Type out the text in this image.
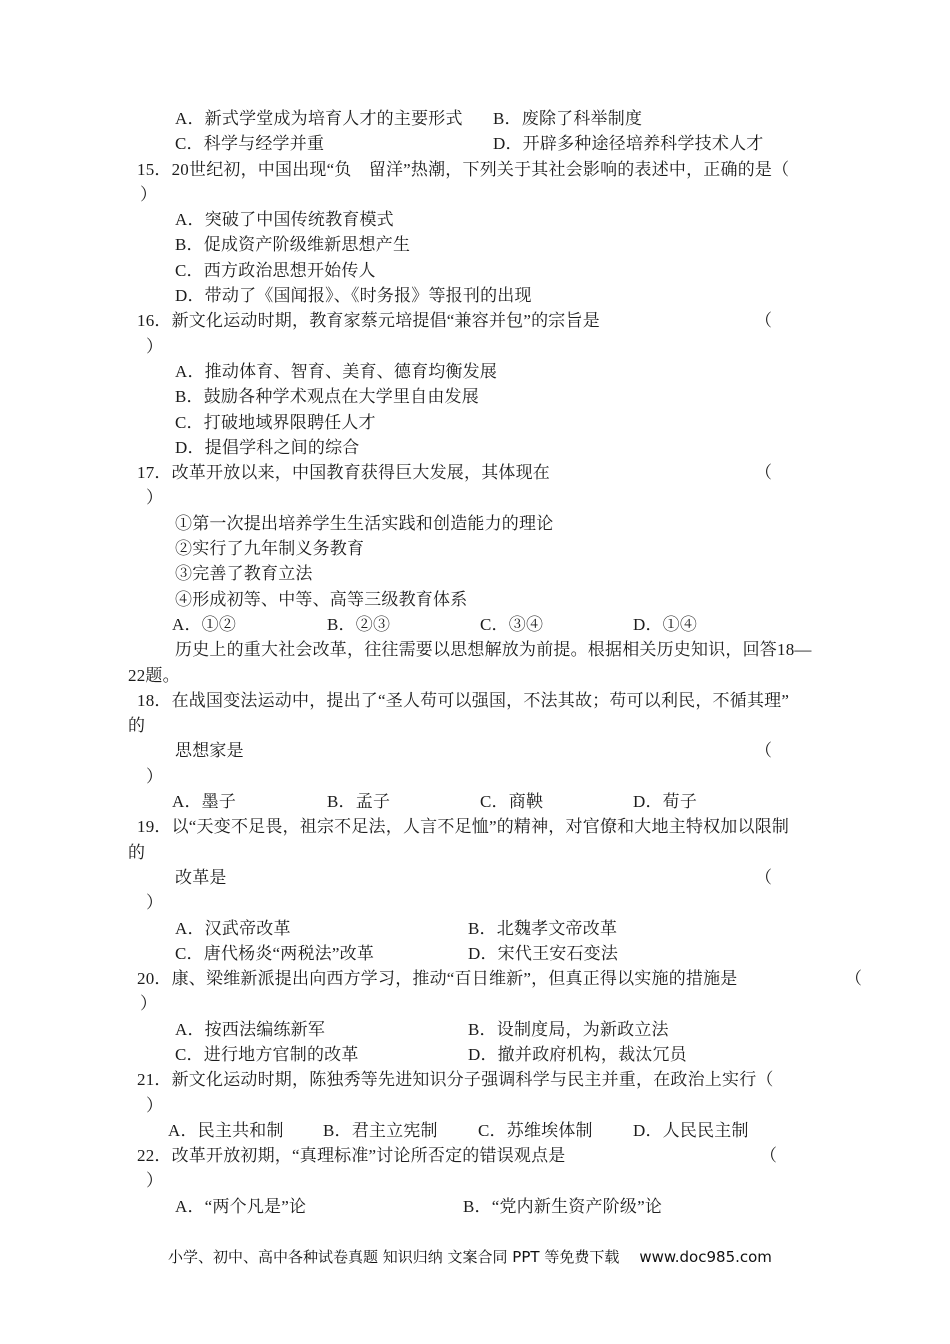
A．新式学堂成为培育人才的主要形式 B．废除了科举制度
C．科学与经学并重	D．开辟多种途径培养科学技术人才
15．20世纪初，中国出现“负　留洋”热潮，下列关于其社会影响的表述中，正确的是（
）
A．突破了中国传统教育模式
B．促成资产阶级维新思想产生
C．西方政治思想开始传人
D．带动了《国闻报》、《时务报》等报刊的出现
16．新文化运动时期，教育家蔡元培提倡“兼容并包”的宗旨是	（
）
A．推动体育、智育、美育、德育均衡发展
B．鼓励各种学术观点在大学里自由发展
C．打破地域界限聘任人才
D．提倡学科之间的综合
17．改革开放以来，中国教育获得巨大发展，其体现在	（
）
①第一次提出培养学生生活实践和创造能力的理论
②实行了九年制义务教育
③完善了教育立法
④形成初等、中等、高等三级教育体系
A．①②	B．②③	C．③④	D．①④
历史上的重大社会改革，往往需要以思想解放为前提。根据相关历史知识，回答18—
22题。
18．在战国变法运动中，提出了“圣人苟可以强国，不法其故；苟可以利民，不循其理”
的
思想家是	（
）
A．墨子	B．孟子	C．商鞅	D．荀子
19．以“天变不足畏，祖宗不足法，人言不足恤”的精神，对官僚和大地主特权加以限制
的
改革是	（
）
A．汉武帝改革	B．北魏孝文帝改革
C．唐代杨炎“两税法”改革	D．宋代王安石变法
20．康、梁维新派提出向西方学习，推动“百日维新”，但真正得以实施的措施是	（
）
A．按西法编练新军	B．设制度局，为新政立法
C．进行地方官制的改革	D．撤并政府机构，裁汰冗员
21．新文化运动时期，陈独秀等先进知识分子强调科学与民主并重，在政治上实行（
）
A．民主共和制 B．君主立宪制 C．苏维埃体制 D．人民民主制
22．改革开放初期，“真理标准”讨论所否定的错误观点是	（
）
A．“两个凡是”论	B．“党内新生资产阶级”论
小学、初中、高中各种试卷真题 知识归纳 文案合同 PPT 等免费下载 www.doc985.com
